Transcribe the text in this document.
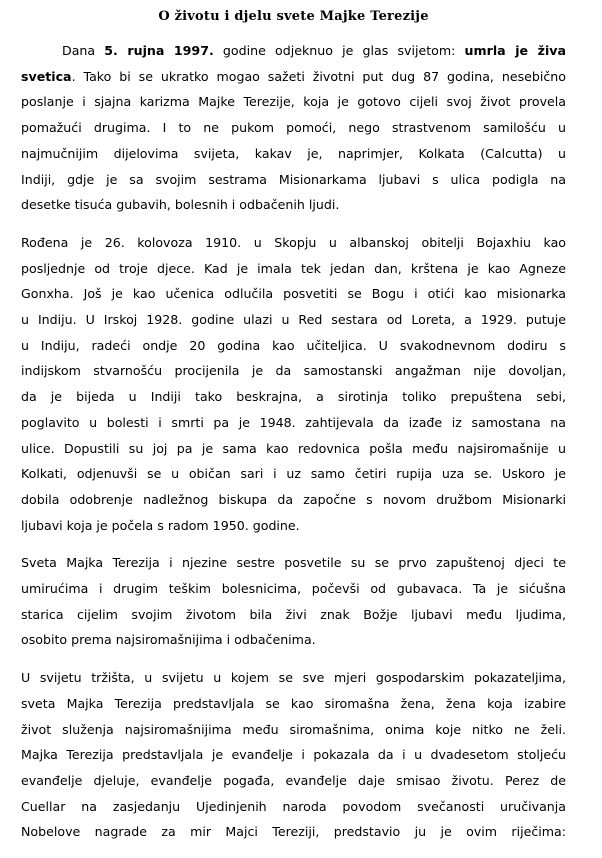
O životu i djelu svete Majke Terezije

Dana 5. rujna 1997. godine odjeknuo je glas svijetom: umrla je živa
svetica. Tako bi se ukratko mogao sažeti životni put dug 87 godina, nesebično
poslanje i sjajna karizma Majke Terezije, koja je gotovo cijeli svoj život provela
pomažući drugima. I to ne pukom pomoći, nego strastvenom samilošću u
najmučnijim dijelovima svijeta, kakav je, naprimjer, Kolkata (Calcutta) u
Indiji, gdje je sa svojim sestrama Misionarkama ljubavi s ulica podigla na
desetke tisuća gubavih, bolesnih i odbačenih ljudi.

Rođena je 26. kolovoza 1910. u Skopju u albanskoj obitelji Bojaxhiu kao
posljednje od troje djece. Kad je imala tek jedan dan, krštena je kao Agneze
Gonxha. Još je kao učenica odlučila posvetiti se Bogu i otići kao misionarka
u Indiju. U Irskoj 1928. godine ulazi u Red sestara od Loreta, a 1929. putuje
u Indiju, radeći ondje 20 godina kao učiteljica. U svakodnevnom dodiru s
indijskom stvarnošću procijenila je da samostanski angažman nije dovoljan,
da je bijeda u Indiji tako beskrajna, a sirotinja toliko prepuštena sebi,
poglavito u bolesti i smrti pa je 1948. zahtijevala da izađe iz samostana na
ulice. Dopustili su joj pa je sama kao redovnica pošla među najsiromašnije u
Kolkati, odjenuvši se u običan sari i uz samo četiri rupija uza se. Uskoro je
dobila odobrenje nadležnog biskupa da započne s novom družbom Misionarki
ljubavi koja je počela s radom 1950. godine.

Sveta Majka Terezija i njezine sestre posvetile su se prvo zapuštenoj djeci te
umirućima i drugim teškim bolesnicima, počevši od gubavaca. Ta je sićušna
starica cijelim svojim životom bila živi znak Božje ljubavi među ljudima,
osobito prema najsiromašnijima i odbačenima.

U svijetu tržišta, u svijetu u kojem se sve mjeri gospodarskim pokazateljima,
sveta Majka Terezija predstavljala se kao siromašna žena, žena koja izabire
život služenja najsiromašnijima među siromašnima, onima koje nitko ne želi.
Majka Terezija predstavljala je evanđelje i pokazala da i u dvadesetom stoljeću
evanđelje djeluje, evanđelje pogađa, evanđelje daje smisao životu. Perez de
Cuellar na zasjedanju Ujedinjenih naroda povodom svečanosti uručivanja
Nobelove nagrade za mir Majci Tereziji, predstavio ju je ovim riječima:
